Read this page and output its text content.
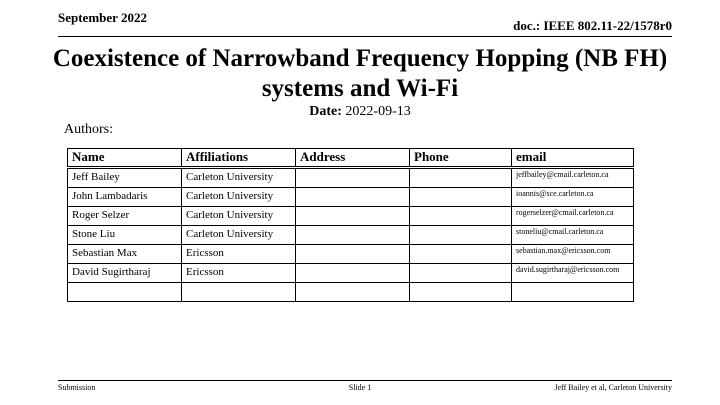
September 2022
doc.: IEEE 802.11-22/1578r0
Coexistence of Narrowband Frequency Hopping (NB FH) systems and Wi-Fi
Date: 2022-09-13
Authors:
Name	Affiliations	Address	Phone	email
Jeff Bailey	Carleton University			jeffbailey@cmail.carleton.ca
John Lambadaris	Carleton University			ioannis@sce.carleton.ca
Roger Selzer	Carleton University			rogerselzer@cmail.carleton.ca
Stone Liu	Carleton University			stoneliu@cmail.carleton.ca
Sebastian Max	Ericsson			sebastian.max@ericsson.com
David Sugirtharaj	Ericsson			david.sugirtharaj@ericsson.com

Submission	Slide 1	Jeff Bailey et al, Carleton University
